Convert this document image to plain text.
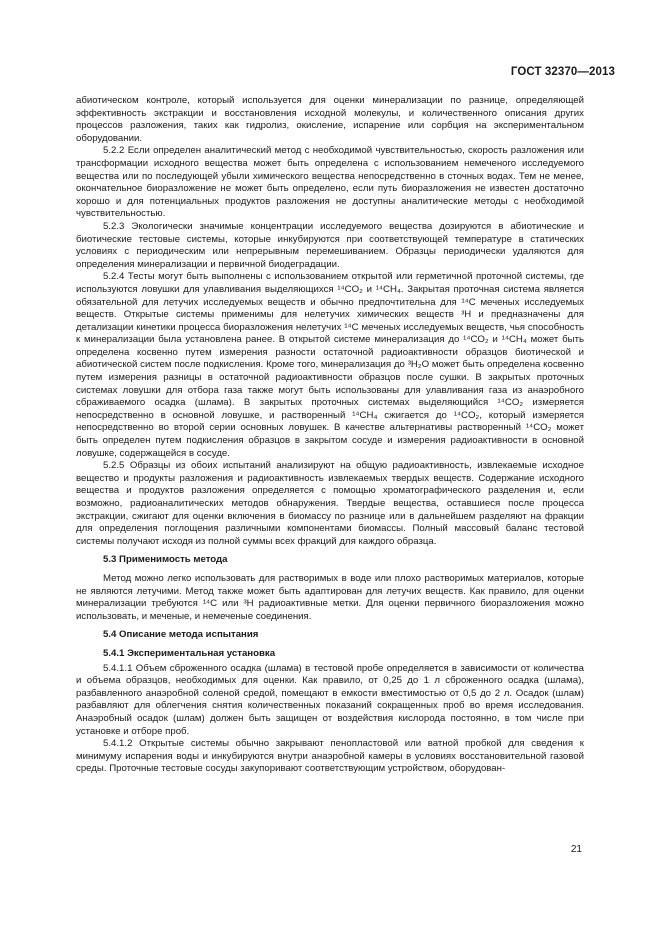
ГОСТ 32370—2013

абиотическом контроле, который используется для оценки минерализации по разнице, определяющей эффективность экстракции и восстановления исходной молекулы, и количественного описания других процессов разложения, таких как гидролиз, окисление, испарение или сорбция на экспериментальном оборудовании.

5.2.2 Если определен аналитический метод с необходимой чувствительностью, скорость разложения или трансформации исходного вещества может быть определена с использованием немеченого исследуемого вещества или по последующей убыли химического вещества непосредственно в сточных водах. Тем не менее, окончательное биоразложение не может быть определено, если путь биоразложения не известен достаточно хорошо и для потенциальных продуктов разложения не доступны аналитические методы с необходимой чувствительностью.

5.2.3 Экологически значимые концентрации исследуемого вещества дозируются в абиотические и биотические тестовые системы, которые инкубируются при соответствующей температуре в статических условиях с периодическим или непрерывным перемешиванием. Образцы периодически удаляются для определения минерализации и первичной биодеградации.

5.2.4 Тесты могут быть выполнены с использованием открытой или герметичной проточной системы, где используются ловушки для улавливания выделяющихся ¹⁴CO₂ и ¹⁴CH₄. Закрытая проточная система является обязательной для летучих исследуемых веществ и обычно предпочтительна для ¹⁴C меченых исследуемых веществ. Открытые системы применимы для нелетучих химических веществ ³H и предназначены для детализации кинетики процесса биоразложения нелетучих ¹⁴C меченых исследуемых веществ, чья способность к минерализации была установлена ранее. В открытой системе минерализация до ¹⁴CO₂ и ¹⁴CH₄ может быть определена косвенно путем измерения разности остаточной радиоактивности образцов биотической и абиотической систем после подкисления. Кроме того, минерализация до ³H₂O может быть определена косвенно путем измерения разницы в остаточной радиоактивности образцов после сушки. В закрытых проточных системах ловушки для отбора газа также могут быть использованы для улавливания газа из анаэробного сбраживаемого осадка (шлама). В закрытых проточных системах выделяющийся ¹⁴CO₂ измеряется непосредственно в основной ловушке, и растворенный ¹⁴CH₄ сжигается до ¹⁴CO₂, который измеряется непосредственно во второй серии основных ловушек. В качестве альтернативы растворенный ¹⁴CO₂ может быть определен путем подкисления образцов в закрытом сосуде и измерения радиоактивности в основной ловушке, содержащейся в сосуде.

5.2.5 Образцы из обоих испытаний анализируют на общую радиоактивность, извлекаемые исходное вещество и продукты разложения и радиоактивность извлекаемых твердых веществ. Содержание исходного вещества и продуктов разложения определяется с помощью хроматографического разделения и, если возможно, радиоаналитических методов обнаружения. Твердые вещества, оставшиеся после процесса экстракции, сжигают для оценки включения в биомассу по разнице или в дальнейшем разделяют на фракции для определения поглощения различными компонентами биомассы. Полный массовый баланс тестовой системы получают исходя из полной суммы всех фракций для каждого образца.

5.3 Применимость метода

Метод можно легко использовать для растворимых в воде или плохо растворимых материалов, которые не являются летучими. Метод также может быть адаптирован для летучих веществ. Как правило, для оценки минерализации требуются ¹⁴C или ³H радиоактивные метки. Для оценки первичного биоразложения можно использовать, и меченые, и немеченые соединения.

5.4 Описание метода испытания

5.4.1 Экспериментальная установка

5.4.1.1 Объем сброженного осадка (шлама) в тестовой пробе определяется в зависимости от количества и объема образцов, необходимых для оценки. Как правило, от 0,25 до 1 л сброженного осадка (шлама), разбавленного анаэробной соленой средой, помещают в емкости вместимостью от 0,5 до 2 л. Осадок (шлам) разбавляют для облегчения снятия количественных показаний сокращенных проб во время исследования. Анаэробный осадок (шлам) должен быть защищен от воздействия кислорода постоянно, в том числе при установке и отборе проб.

5.4.1.2 Открытые системы обычно закрывают пенопластовой или ватной пробкой для сведения к минимуму испарения воды и инкубируются внутри анаэробной камеры в условиях восстановительной газовой среды. Проточные тестовые сосуды закупоривают соответствующим устройством, оборудован-

21
